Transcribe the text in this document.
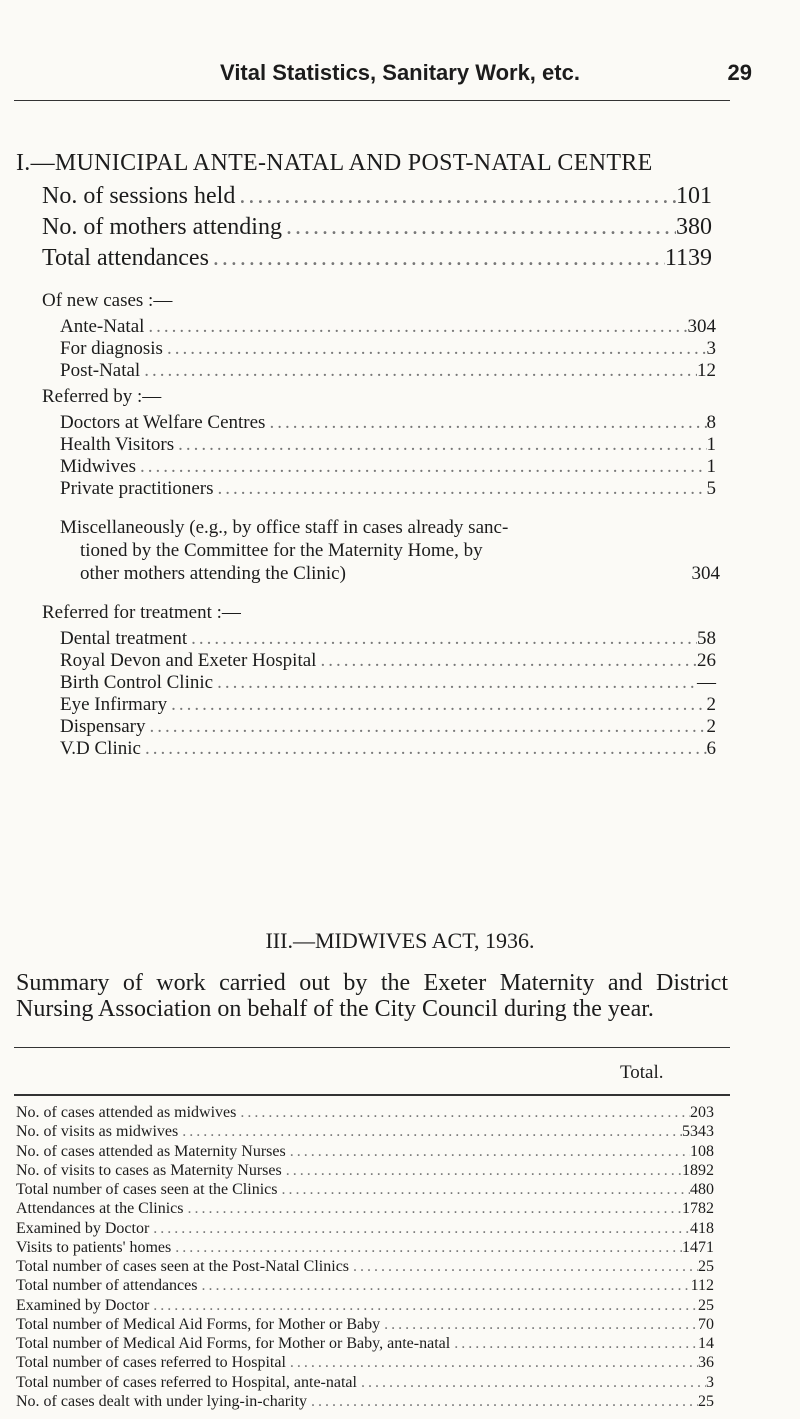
Vital Statistics, Sanitary Work, etc.	29
I.—MUNICIPAL ANTE-NATAL AND POST-NATAL CENTRE
No. of sessions held .....	101
No. of mothers attending .....	380
Total attendances .....	1139
Of new cases :—
Ante-Natal .....	304
For diagnosis .....	3
Post-Natal .....	12
Referred by :—
Doctors at Welfare Centres .....	8
Health Visitors .....	1
Midwives .....	1
Private practitioners .....	5
Miscellaneously (e.g., by office staff in cases already sanc-
tioned by the Committee for the Maternity Home, by
other mothers attending the Clinic)	304
Referred for treatment :—
Dental treatment .....	58
Royal Devon and Exeter Hospital .....	26
Birth Control Clinic .....	—
Eye Infirmary .....	2
Dispensary .....	2
V.D Clinic .....	6
III.—MIDWIVES ACT, 1936.
Summary of work carried out by the Exeter Maternity and District Nursing Association on behalf of the City Council during the year.
Total.
No. of cases attended as midwives .....	203
No. of visits as midwives .....	5343
No. of cases attended as Maternity Nurses .....	108
No. of visits to cases as Maternity Nurses .....	1892
Total number of cases seen at the Clinics .....	480
Attendances at the Clinics .....	1782
Examined by Doctor .....	418
Visits to patients' homes .....	1471
Total number of cases seen at the Post-Natal Clinics .....	25
Total number of attendances .....	112
Examined by Doctor .....	25
Total number of Medical Aid Forms, for Mother or Baby .....	70
Total number of Medical Aid Forms, for Mother or Baby, ante-natal .....	14
Total number of cases referred to Hospital .....	36
Total number of cases referred to Hospital, ante-natal .....	3
No. of cases dealt with under lying-in-charity .....	25
